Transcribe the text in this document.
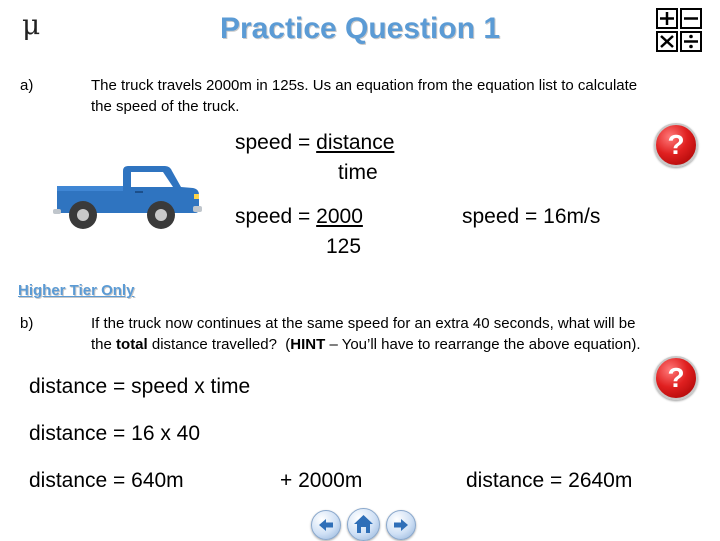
μ	Practice Question 1
a)	The truck travels 2000m in 125s. Us an equation from the equation list to calculate
the speed of the truck.
speed = distance
time
speed = 2000
125
speed = 16m/s
?
Higher Tier Only
b)	If the truck now continues at the same speed for an extra 40 seconds, what will be
the total distance travelled?  (HINT – You’ll have to rearrange the above equation).
distance = speed x time
distance = 16 x 40
distance = 640m	+ 2000m	distance = 2640m
?
